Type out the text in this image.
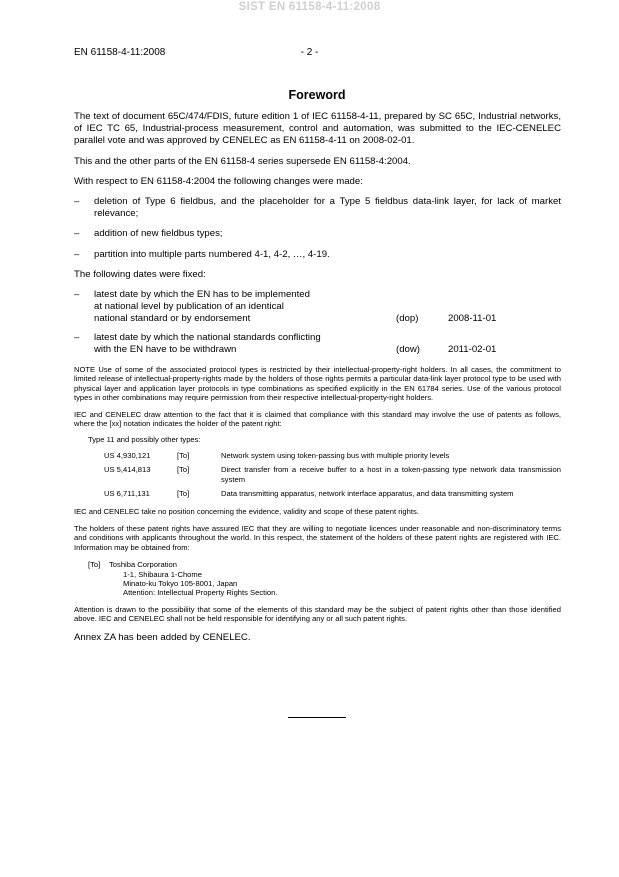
SIST EN 61158-4-11:2008
EN 61158-4-11:2008	- 2 -
Foreword

The text of document 65C/474/FDIS, future edition 1 of IEC 61158-4-11, prepared by SC 65C, Industrial networks, of IEC TC 65, Industrial-process measurement, control and automation, was submitted to the IEC-CENELEC parallel vote and was approved by CENELEC as EN 61158-4-11 on 2008-02-01.

This and the other parts of the EN 61158-4 series supersede EN 61158-4:2004.

With respect to EN 61158-4:2004 the following changes were made:

–	deletion of Type 6 fieldbus, and the placeholder for a Type 5 fieldbus data-link layer, for lack of market relevance;
–	addition of new fieldbus types;
–	partition into multiple parts numbered 4-1, 4-2, …, 4-19.

The following dates were fixed:

–	latest date by which the EN has to be implemented
at national level by publication of an identical
national standard or by endorsement	(dop)	2008-11-01
–	latest date by which the national standards conflicting
with the EN have to be withdrawn	(dow)	2011-02-01

NOTE Use of some of the associated protocol types is restricted by their intellectual-property-right holders. In all cases, the commitment to limited release of intellectual-property-rights made by the holders of those rights permits a particular data-link layer protocol type to be used with physical layer and application layer protocols in type combinations as specified explicitly in the EN 61784 series. Use of the various protocol types in other combinations may require permission from their respective intellectual-property-right holders.

IEC and CENELEC draw attention to the fact that it is claimed that compliance with this standard may involve the use of patents as follows, where the [xx] notation indicates the holder of the patent right:

Type 11 and possibly other types:

US 4,930,121	[To]	Network system using token-passing bus with multiple priority levels
US 5,414,813	[To]	Direct transfer from a receive buffer to a host in a token-passing type network data transmission system
US 6,711,131	[To]	Data transmitting apparatus, network interface apparatus, and data transmitting system

IEC and CENELEC take no position concerning the evidence, validity and scope of these patent rights.

The holders of these patent rights have assured IEC that they are willing to negotiate licences under reasonable and non-discriminatory terms and conditions with applicants throughout the world. In this respect, the statement of the holders of these patent rights are registered with IEC. Information may be obtained from:

[To]	Toshiba Corporation
1-1, Shibaura 1-Chome
Minato-ku Tokyo 105-8001, Japan
Attention: Intellectual Property Rights Section.

Attention is drawn to the possibility that some of the elements of this standard may be the subject of patent rights other than those identified above. IEC and CENELEC shall not be held responsible for identifying any or all such patent rights.

Annex ZA has been added by CENELEC.
